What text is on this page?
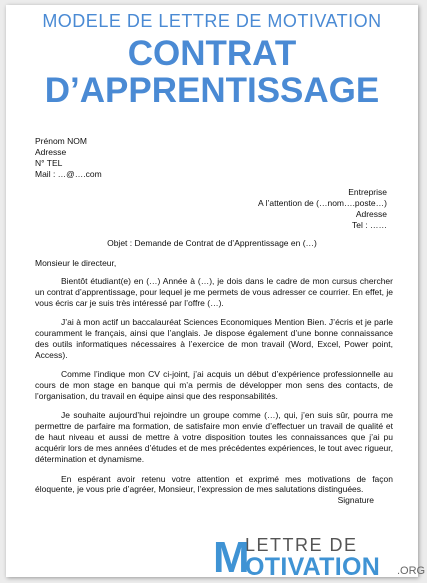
MODELE DE LETTRE DE MOTIVATION
CONTRAT
D’APPRENTISSAGE
Prénom NOM
Adresse
N° TEL
Mail : …@….com
Entreprise
A l’attention de (…nom….poste…)
Adresse
Tel : ……
Objet : Demande de Contrat de d’Apprentissage en (…)

Monsieur le directeur,

Bientôt étudiant(e) en (…) Année à (…), je dois dans le cadre de mon cursus chercher un contrat d’apprentissage, pour lequel je me permets de vous adresser ce courrier. En effet, je vous écris car je suis très intéressé par l’offre (…).

J’ai à mon actif un baccalauréat Sciences Economiques Mention Bien. J’écris et je parle couramment le français, ainsi que l’anglais. Je dispose également d’une bonne connaissance des outils informatiques nécessaires à l’exercice de mon travail (Word, Excel, Power point, Access).

Comme l’indique mon CV ci-joint, j’ai acquis un début d’expérience professionnelle au cours de mon stage en banque qui m’a permis de développer mon sens des contacts, de l’organisation, du travail en équipe ainsi que des responsabilités.

Je souhaite aujourd’hui rejoindre un groupe comme (…), qui, j’en suis sûr, pourra me permettre de parfaire ma formation, de satisfaire mon envie d’effectuer un travail de qualité et de haut niveau et aussi de mettre à votre disposition toutes les connaissances que j’ai pu acquérir lors de mes années d’études et de mes précédentes expériences, le tout avec rigueur, détermination et dynamisme.

En espérant avoir retenu votre attention et exprimé mes motivations de façon éloquente, je vous prie d’agréer, Monsieur, l’expression de mes salutations distinguées.

Signature
LETTRE DE
M
OTIVATION .ORG
